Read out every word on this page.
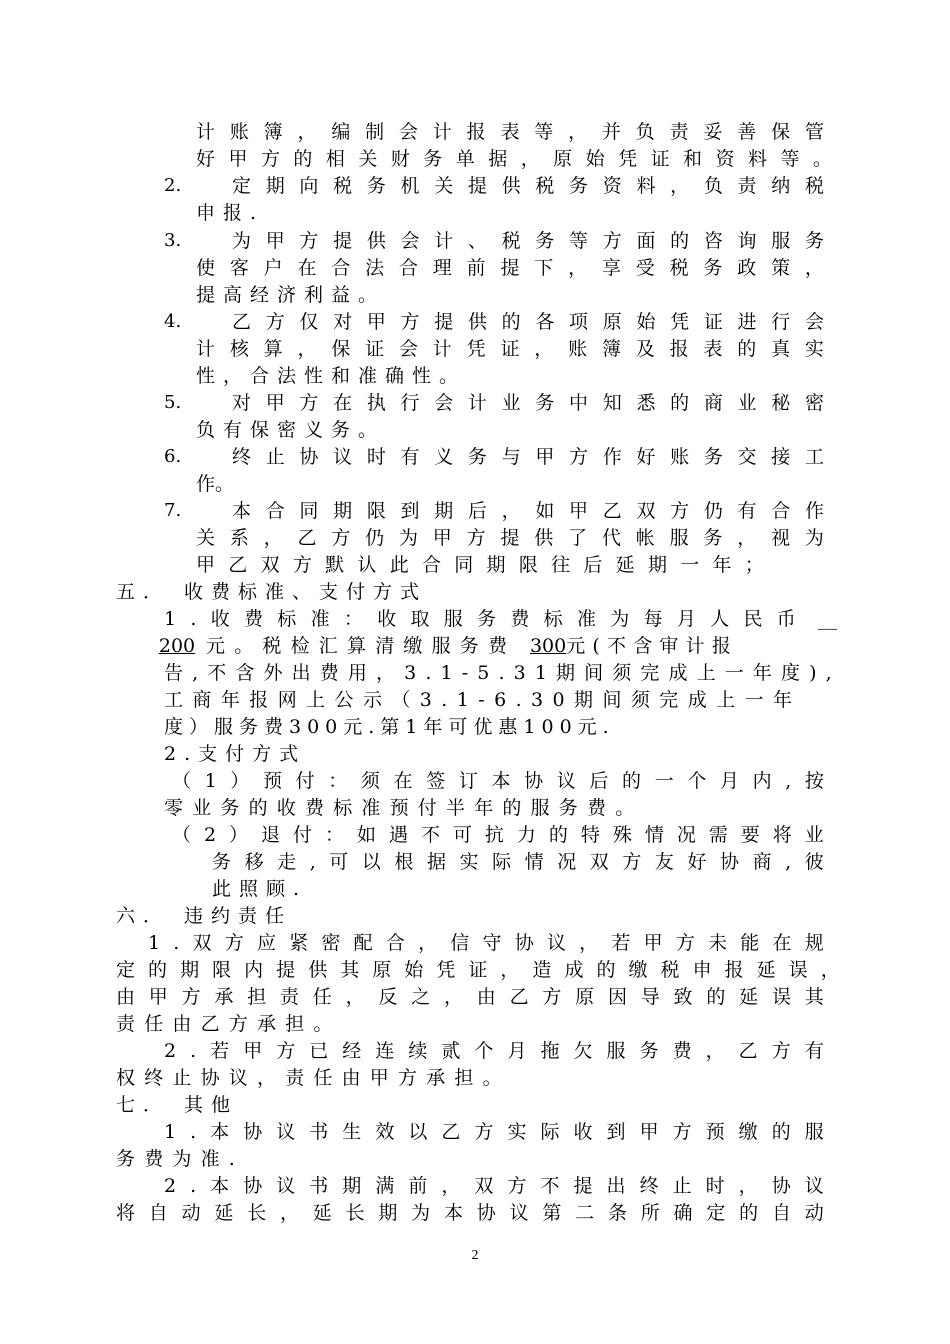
计 账 簿 ， 编 制 会 计 报 表 等 ， 并 负 责 妥 善 保 管
好 甲 方 的 相 关 财 务 单 据 ， 原 始 凭 证 和 资 料 等 。
2.	定 期 向 税 务 机 关 提 供 税 务 资 料 ， 负 责 纳 税
申报.
3.	为 甲 方 提 供 会 计 、 税 务 等 方 面 的 咨 询 服 务
使 客 户 在 合 法 合 理 前 提 下 ， 享 受 税 务 政 策 ，
提高经济利益。
4.	乙 方 仅 对 甲 方 提 供 的 各 项 原 始 凭 证 进 行 会
计 核 算 ， 保 证 会 计 凭 证 ， 账 簿 及 报 表 的 真 实
性，合法性和准确性。
5.	对 甲 方 在 执 行 会 计 业 务 中 知 悉 的 商 业 秘 密
负有保密义务。
6.	终 止 协 议 时 有 义 务 与 甲 方 作 好 账 务 交 接 工
作。
7.	本 合 同 期 限 到 期 后 ， 如 甲 乙 双 方 仍 有 合 作
关 系 ， 乙 方 仍 为 甲 方 提 供 了 代 帐 服 务 ， 视 为
甲 乙 双 方 默 认 此 合 同 期 限 往 后 延 期 一 年 ；
五． 收费标准、支付方式
1 . 收 费 标 准 ： 收 取 服 务 费 标 准 为 每 月 人 民 币 __
200 元。税检汇算清缴服务费 300元(不含审计报
告 , 不 含 外 出 费 用 ， 3 . 1 - 5 . 3 1 期 间 须 完 成 上 一 年 度 ) ,
工 商 年 报 网 上 公 示 （ 3 . 1 - 6 . 3 0 期 间 须 完 成 上 一 年
度）服务费300元.第1年可优惠100元.
2.支付方式
（ 1 ） 预 付 ： 须 在 签 订 本 协 议 后 的 一 个 月 内 , 按
零业务的收费标准预付半年的服务费。
（ 2 ） 退 付 ： 如 遇 不 可 抗 力 的 特 殊 情 况 需 要 将 业
务 移 走 , 可 以 根 据 实 际 情 况 双 方 友 好 协 商 , 彼
此照顾.
六． 违约责任
1 . 双 方 应 紧 密 配 合 ， 信 守 协 议 ， 若 甲 方 未 能 在 规
定 的 期 限 内 提 供 其 原 始 凭 证 ， 造 成 的 缴 税 申 报 延 误 ，
由 甲 方 承 担 责 任 ， 反 之 ， 由 乙 方 原 因 导 致 的 延 误 其
责任由乙方承担。
2 . 若 甲 方 已 经 连 续 贰 个 月 拖 欠 服 务 费 ， 乙 方 有
权终止协议，责任由甲方承担。
七． 其他
1 . 本 协 议 书 生 效 以 乙 方 实 际 收 到 甲 方 预 缴 的 服
务费为准.
2 . 本 协 议 书 期 满 前 ， 双 方 不 提 出 终 止 时 ， 协 议
将 自 动 延 长 ， 延 长 期 为 本 协 议 第 二 条 所 确 定 的 自 动
2
